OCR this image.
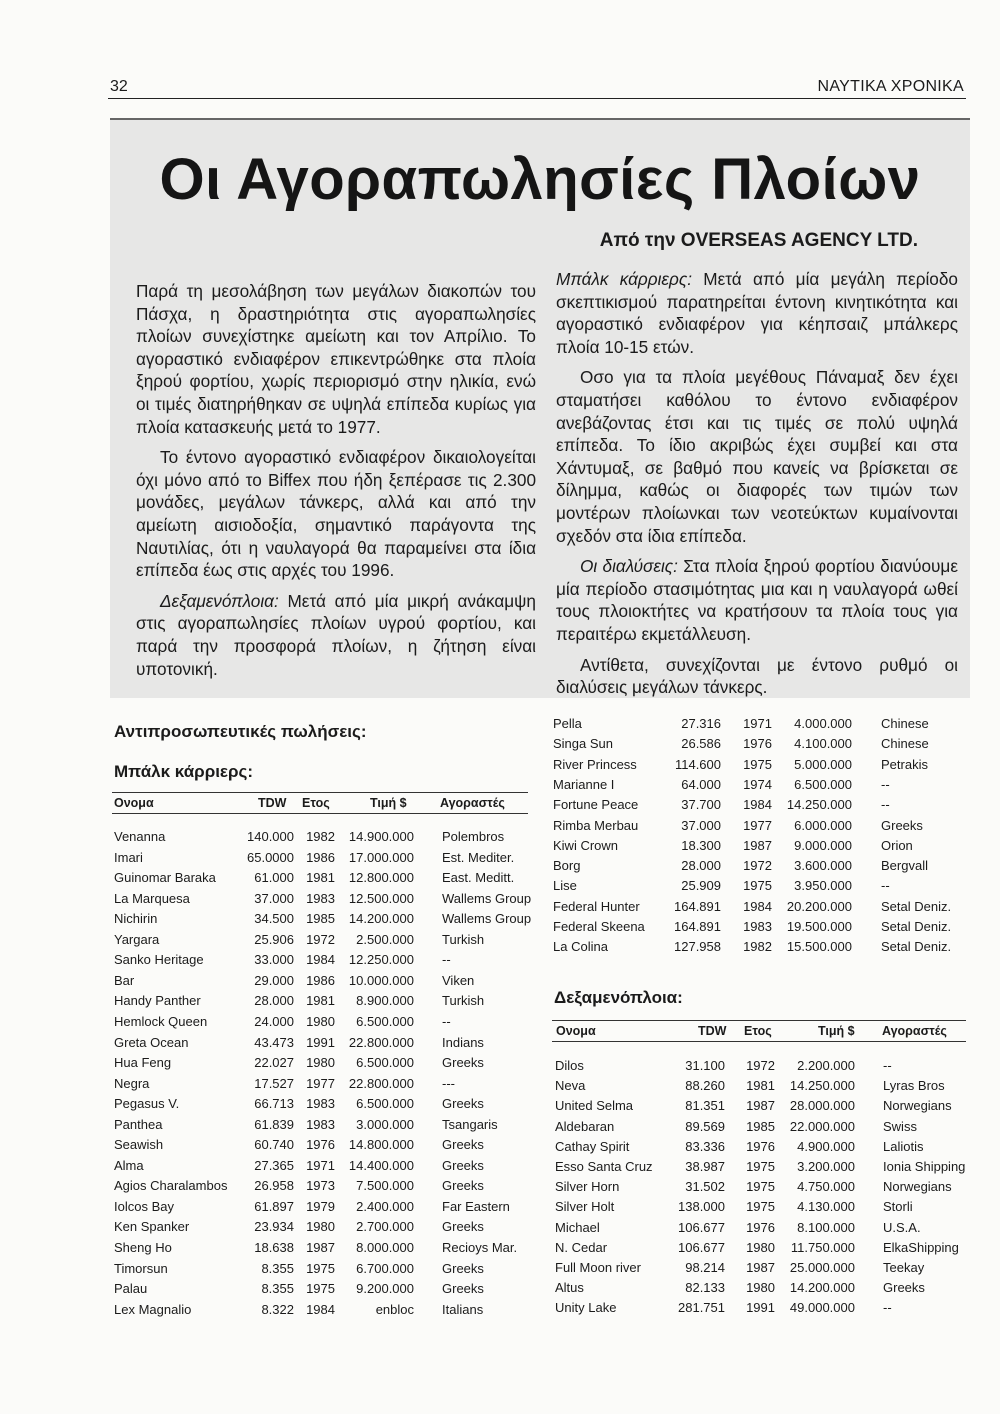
32	ΝΑΥΤΙΚΑ ΧΡΟΝΙΚΑ
Οι Αγοραπωλησίες Πλοίων
Από την OVERSEAS AGENCY LTD.

Παρά τη μεσολάβηση των μεγάλων διακοπών του Πάσχα, η δραστηριότητα στις αγοραπωλησίες πλοίων συνεχίστηκε αμείωτη και τον Απρίλιο. Το αγοραστικό ενδιαφέρον επικεντρώθηκε στα πλοία ξηρού φορτίου, χωρίς περιορισμό στην ηλικία, ενώ οι τιμές διατηρήθηκαν σε υψηλά επίπεδα κυρίως για πλοία κατασκευής μετά το 1977.

Το έντονο αγοραστικό ενδιαφέρον δικαιολογείται όχι μόνο από το Biffex που ήδη ξεπέρασε τις 2.300 μονάδες, μεγάλων τάνκερς, αλλά και από την αμείωτη αισιοδοξία, σημαντικό παράγοντα της Ναυτιλίας, ότι η ναυλαγορά θα παραμείνει στα ίδια επίπεδα έως στις αρχές του 1996.

Δεξαμενόπλοια: Μετά από μία μικρή ανάκαμψη στις αγοραπωλησίες πλοίων υγρού φορτίου, και παρά την προσφορά πλοίων, η ζήτηση είναι υποτονική.

Μπάλκ κάρριερς: Μετά από μία μεγάλη περίοδο σκεπτικισμού παρατηρείται έντονη κινητικότητα και αγοραστικό ενδιαφέρον για κέηπσαιζ μπάλκερς πλοία 10-15 ετών.

Οσο για τα πλοία μεγέθους Πάναμαξ δεν έχει σταματήσει καθόλου το έντονο ενδιαφέρον ανεβάζοντας έτσι και τις τιμές σε πολύ υψηλά επίπεδα. Το ίδιο ακριβώς έχει συμβεί και στα Χάντυμαξ, σε βαθμό που κανείς να βρίσκεται σε δίλημμα, καθώς οι διαφορές των τιμών των μοντέρων πλοίωνκαι των νεοτεύκτων κυμαίνονται σχεδόν στα ίδια επίπεδα.

Οι διαλύσεις: Στα πλοία ξηρού φορτίου διανύουμε μία περίοδο στασιμότητας μια και η ναυλαγορά ωθεί τους πλοιοκτήτες να κρατήσουν τα πλοία τους για περαιτέρω εκμετάλλευση.

Αντίθετα, συνεχίζονται με έντονο ρυθμό οι διαλύσεις μεγάλων τάνκερς.

Αντιπροσωπευτικές πωλήσεις:
Μπάλκ κάρριερς:
Ονομα	TDW Ετος	Τιμή $	Αγοραστές
Venanna	140.000 1982	14.900.000 Polembros
Imari	65.0000 1986	17.000.000 Est. Mediter.
Guinomar Baraka	61.000 1981	12.800.000 East. Meditt.
La Marquesa	37.000 1983	12.500.000 Wallems Group
Nichirin	34.500 1985	14.200.000 Wallems Group
Yargara	25.906 1972	2.500.000 Turkish
Sanko Heritage	33.000 1984	12.250.000 --
Bar	29.000 1986	10.000.000 Viken
Handy Panther	28.000 1981	8.900.000 Turkish
Hemlock Queen	24.000 1980	6.500.000 --
Greta Ocean	43.473 1991	22.800.000 Indians
Hua Feng	22.027 1980	6.500.000 Greeks
Negra	17.527 1977	22.800.000 ---
Pegasus V.	66.713 1983	6.500.000 Greeks
Panthea	61.839 1983	3.000.000 Tsangaris
Seawish	60.740 1976	14.800.000 Greeks
Alma	27.365 1971	14.400.000 Greeks
Agios Charalambos	26.958 1973	7.500.000 Greeks
Iolcos Bay	61.897 1979	2.400.000 Far Eastern
Ken Spanker	23.934 1980	2.700.000 Greeks
Sheng Ho	18.638 1987	8.000.000 Recioys Mar.
Timorsun	8.355 1975	6.700.000 Greeks
Palau	8.355 1975	9.200.000 Greeks
Lex Magnalio	8.322 1984	enbloc Italians
Pella	27.316	1971	4.000.000 Chinese
Singa Sun	26.586	1976	4.100.000 Chinese
River Princess	114.600	1975	5.000.000 Petrakis
Marianne I	64.000	1974	6.500.000 --
Fortune Peace	37.700	1984	14.250.000 --
Rimba Merbau	37.000	1977	6.000.000 Greeks
Kiwi Crown	18.300	1987	9.000.000 Orion
Borg	28.000	1972	3.600.000 Bergvall
Lise	25.909	1975	3.950.000 --
Federal Hunter	164.891	1984	20.200.000 Setal Deniz.
Federal Skeena	164.891	1983	19.500.000 Setal Deniz.
La Colina	127.958	1982	15.500.000 Setal Deniz.
Δεξαμενόπλοια:
Ονομα	TDW Ετος	Τιμή $ Αγοραστές
Dilos	31.100	1972	2.200.000 --
Neva	88.260	1981	14.250.000 Lyras Bros
United Selma	81.351	1987	28.000.000 Norwegians
Aldebaran	89.569	1985	22.000.000 Swiss
Cathay Spirit	83.336	1976	4.900.000 Laliotis
Esso Santa Cruz	38.987	1975	3.200.000 Ionia Shipping
Silver Horn	31.502	1975	4.750.000 Norwegians
Silver Holt	138.000	1975	4.130.000 Storli
Michael	106.677	1976	8.100.000 U.S.A.
N. Cedar	106.677	1980	11.750.000 ElkaShipping
Full Moon river	98.214	1987	25.000.000 Teekay
Altus	82.133	1980	14.200.000 Greeks
Unity Lake	281.751	1991	49.000.000 --
